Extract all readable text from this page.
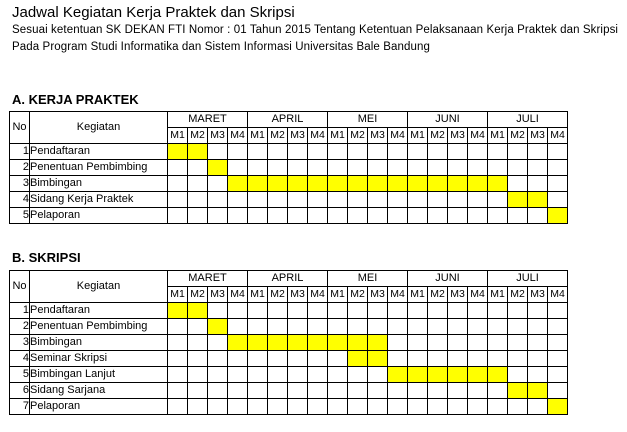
Jadwal Kegiatan Kerja Praktek dan Skripsi
Sesuai ketentuan SK DEKAN FTI Nomor : 01 Tahun 2015 Tentang Ketentuan Pelaksanaan Kerja Praktek dan Skripsi
Pada Program Studi Informatika dan Sistem Informasi Universitas Bale Bandung
A. KERJA PRAKTEK
No	Kegiatan	MARET				APRIL				MEI				JUNI				JULI			
		M1	M2	M3	M4	M1	M2	M3	M4	M1	M2	M3	M4	M1	M2	M3	M4	M1	M2	M3	M4
1	Pendaftaran																				
2	Penentuan Pembimbing																				
3	Bimbingan																				
4	Sidang Kerja Praktek																				
5	Pelaporan																				
B. SKRIPSI
No	Kegiatan	MARET				APRIL				MEI				JUNI				JULI			
		M1	M2	M3	M4	M1	M2	M3	M4	M1	M2	M3	M4	M1	M2	M3	M4	M1	M2	M3	M4
1	Pendaftaran																				
2	Penentuan Pembimbing																				
3	Bimbingan																				
4	Seminar Skripsi																				
5	Bimbingan Lanjut																				
6	Sidang Sarjana																				
7	Pelaporan																				
